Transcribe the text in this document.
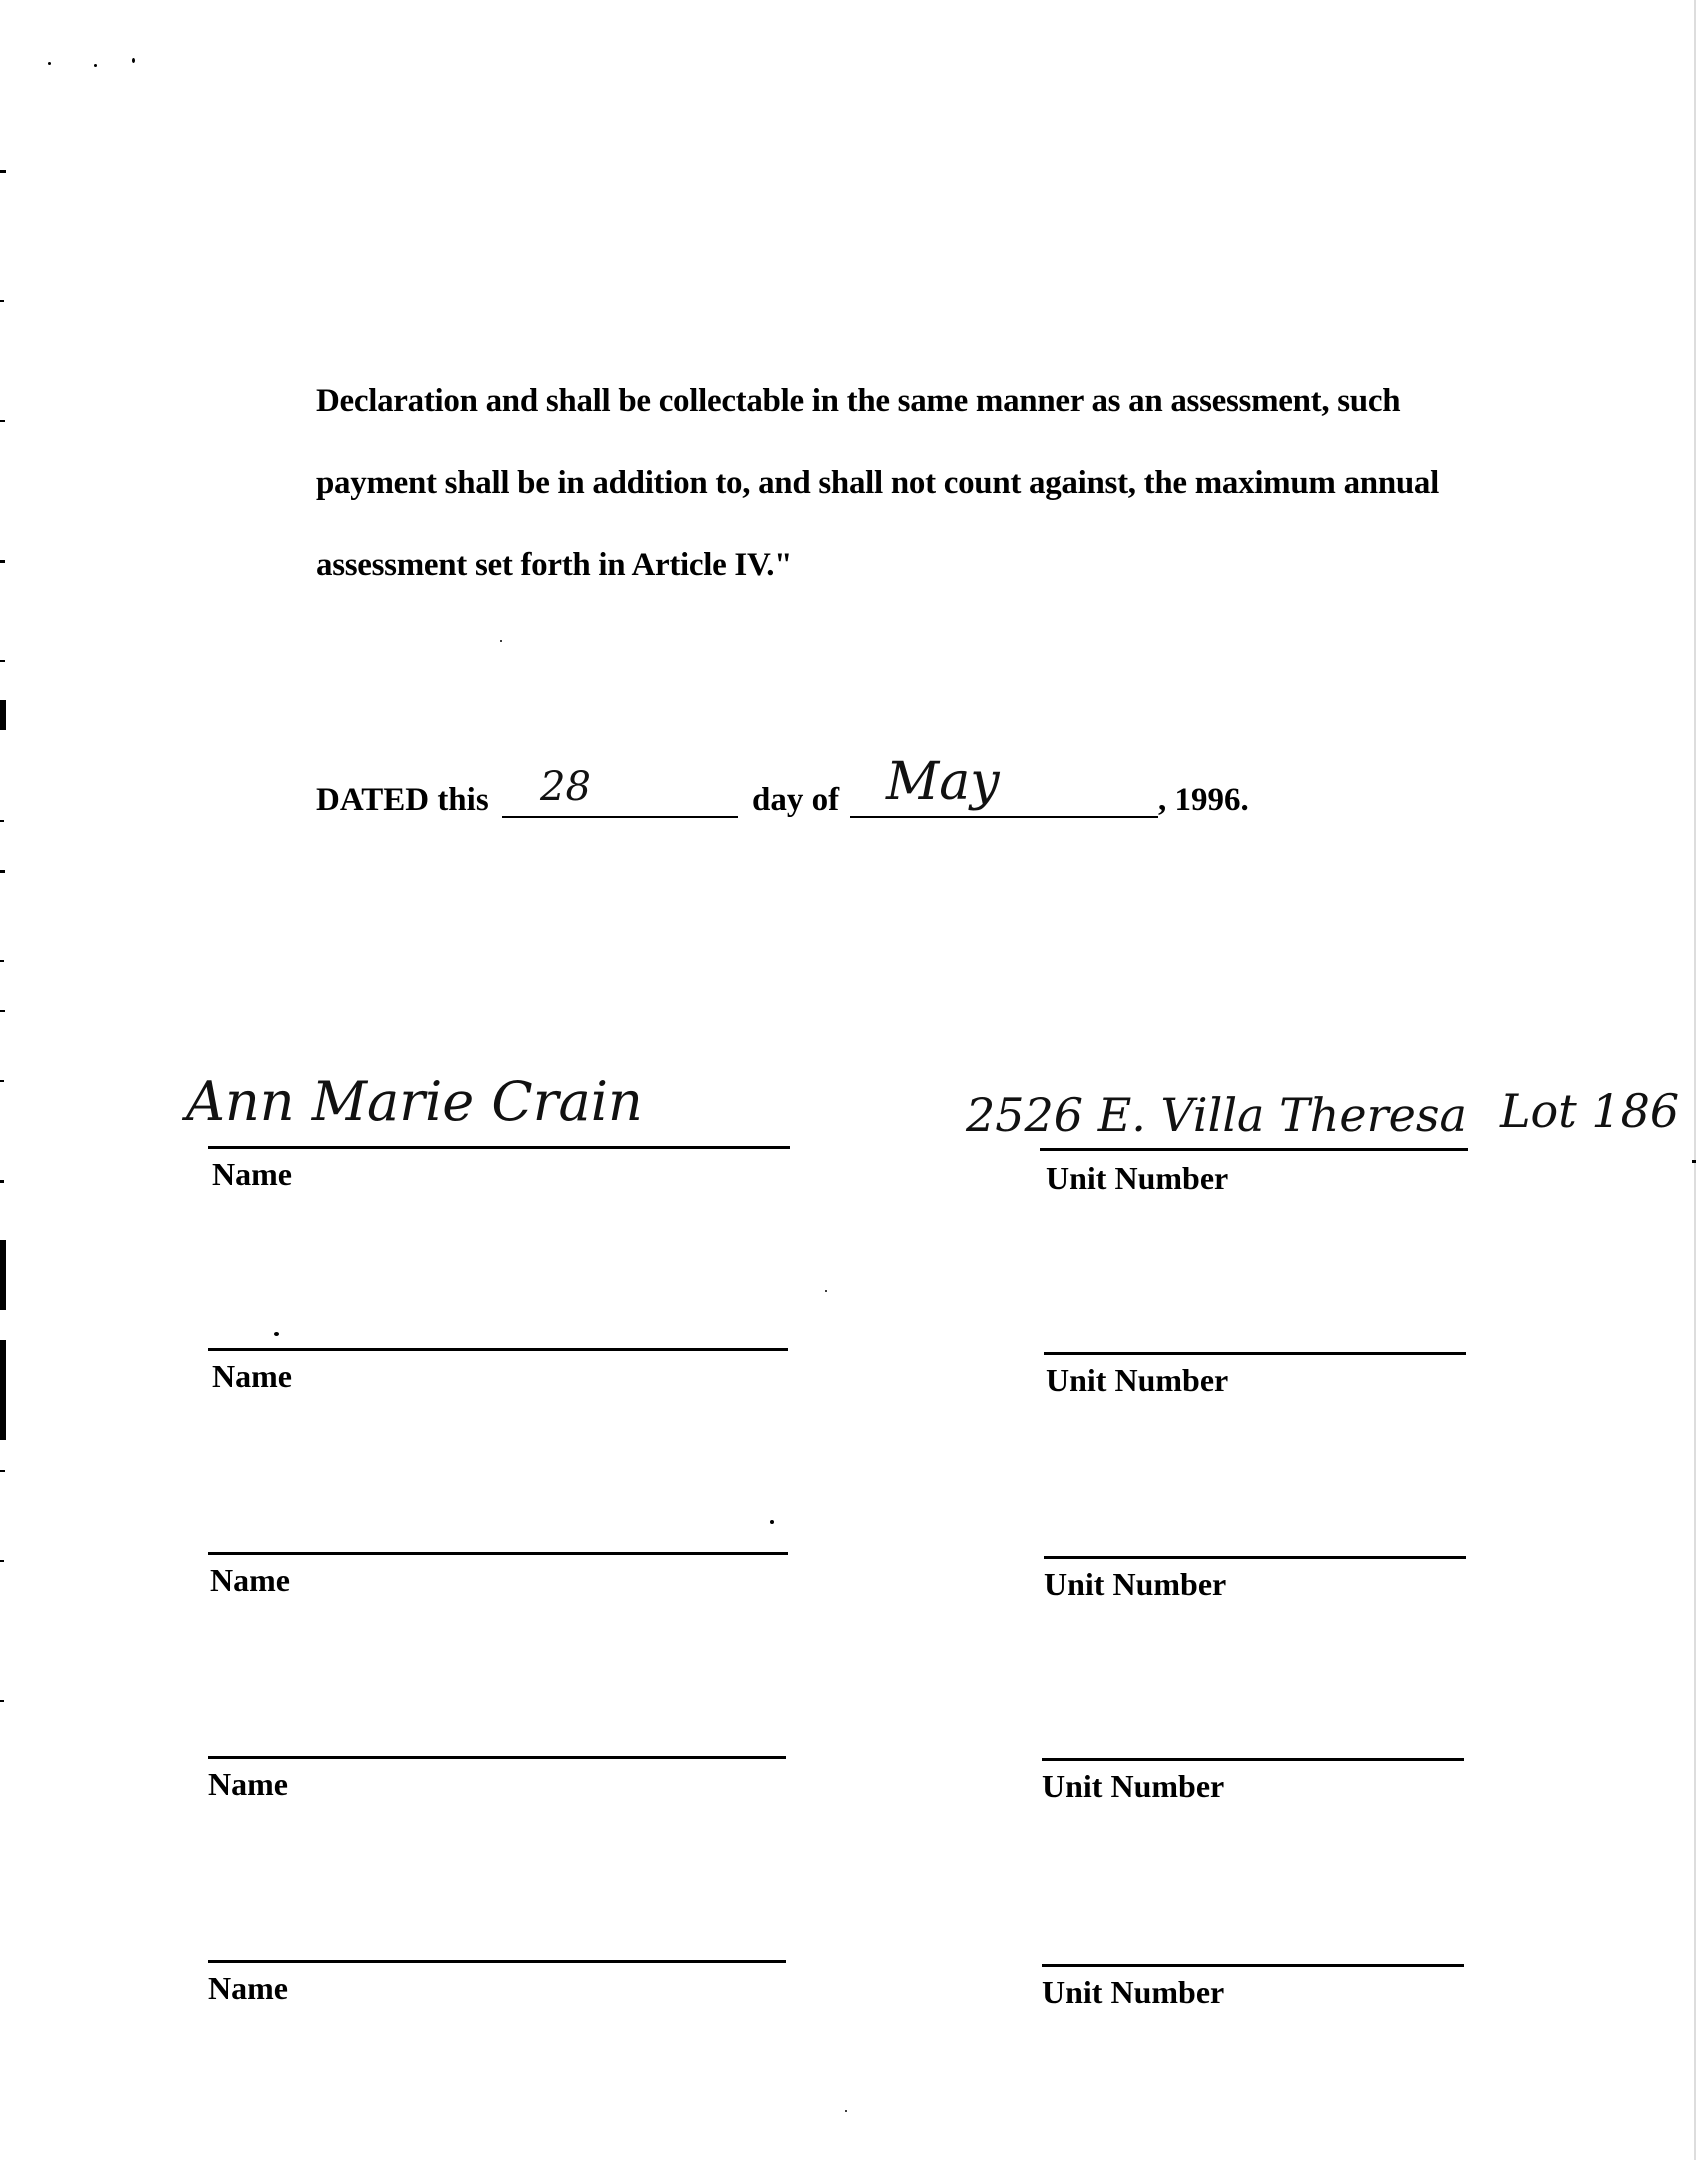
Declaration and shall be collectable in the same manner as an assessment, such

payment shall be in addition to, and shall not count against, the maximum annual

assessment set forth in Article IV."

DATED this 28	day of May	, 1996.
Ann Marie Crain
Name
2526 E. Villa Theresa Lot 186
Unit Number
Name	Unit Number
Name	Unit Number
Name	Unit Number
Name	Unit Number
